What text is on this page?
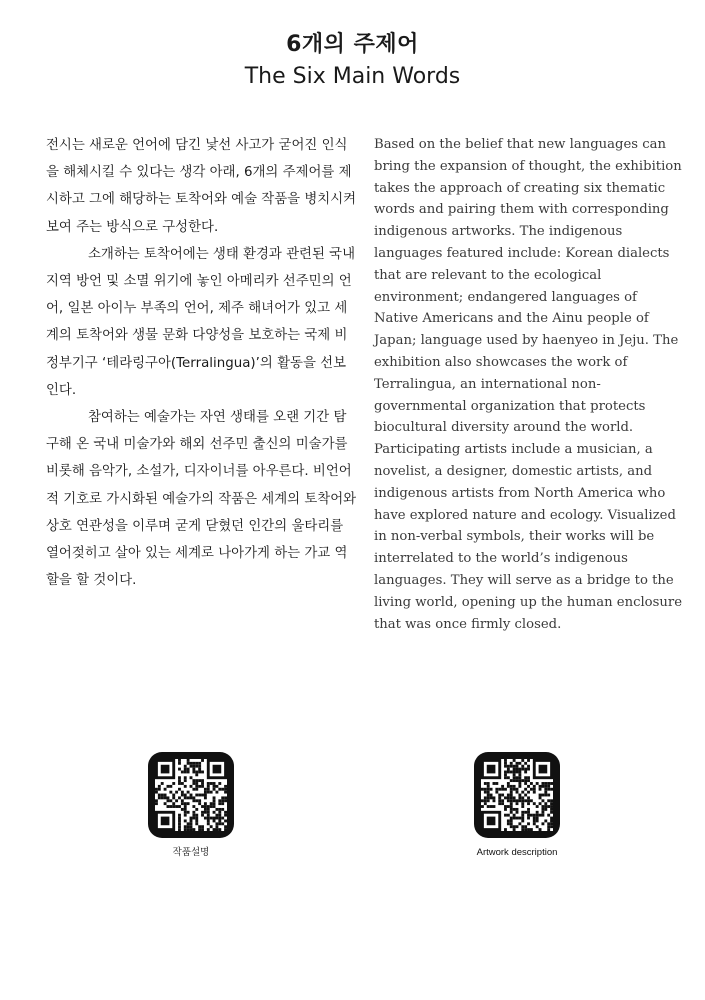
6개의 주제어
The Six Main Words

전시는 새로운 언어에 담긴 낯선 사고가 굳어진 인식을 해체시킬 수 있다는 생각 아래, 6개의 주제어를 제시하고 그에 해당하는 토착어와 예술 작품을 병치시켜 보여 주는 방식으로 구성한다.

소개하는 토착어에는 생태 환경과 관련된 국내 지역 방언 및 소멸 위기에 놓인 아메리카 선주민의 언어, 일본 아이누 부족의 언어, 제주 해녀어가 있고 세계의 토착어와 생물 문화 다양성을 보호하는 국제 비정부기구 ‘테라링구아(Terralingua)’의 활동을 선보인다.

참여하는 예술가는 자연 생태를 오랜 기간 탐구해 온 국내 미술가와 해외 선주민 출신의 미술가를 비롯해 음악가, 소설가, 디자이너를 아우른다. 비언어적 기호로 가시화된 예술가의 작품은 세계의 토착어와 상호 연관성을 이루며 굳게 닫혔던 인간의 울타리를 열어젖히고 살아 있는 세계로 나아가게 하는 가교 역할을 할 것이다.

Based on the belief that new languages can bring the expansion of thought, the exhibition takes the approach of creating six thematic words and pairing them with corresponding indigenous artworks. The indigenous languages featured include: Korean dialects that are relevant to the ecological environment; endangered languages of Native Americans and the Ainu people of Japan; language used by haenyeo in Jeju. The exhibition also showcases the work of Terralingua, an international non-governmental organization that protects biocultural diversity around the world. Participating artists include a musician, a novelist, a designer, domestic artists, and indigenous artists from North America who have explored nature and ecology. Visualized in non-verbal symbols, their works will be interrelated to the world’s indigenous languages. They will serve as a bridge to the living world, opening up the human enclosure that was once firmly closed.

작품설명	Artwork description
